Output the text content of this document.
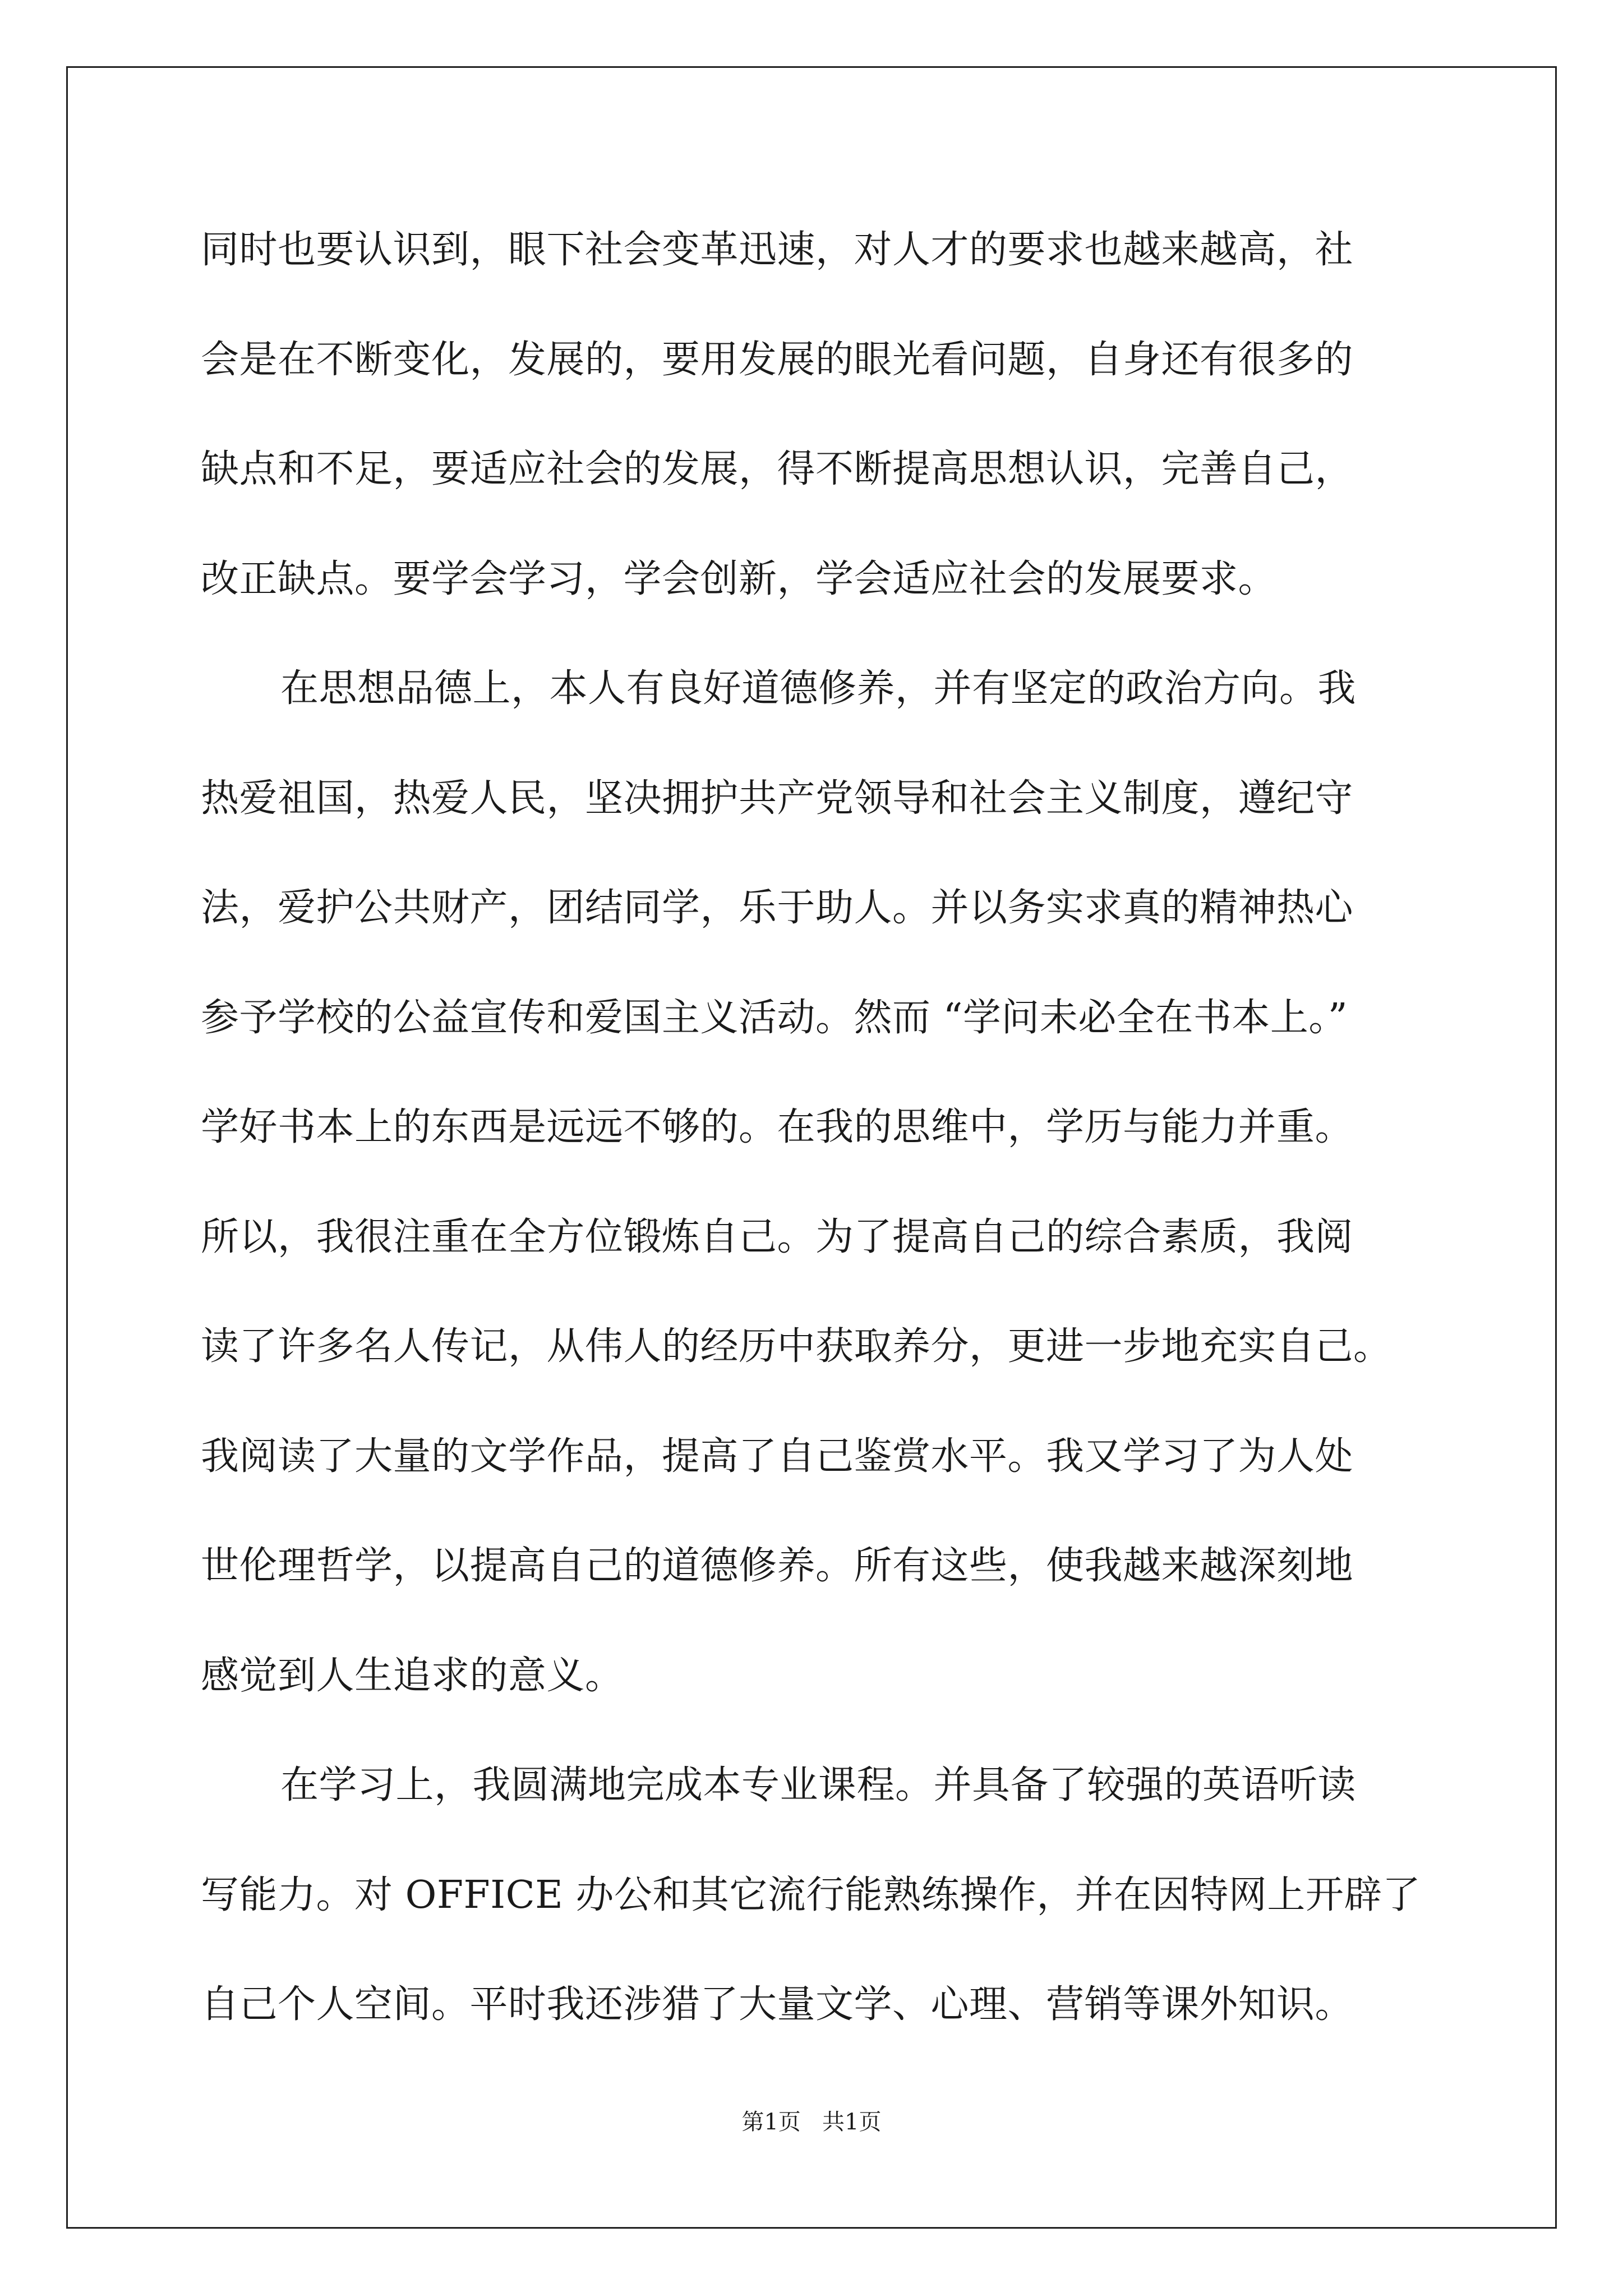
同时也要认识到，眼下社会变革迅速，对人才的要求也越来越高，社
会是在不断变化，发展的，要用发展的眼光看问题，自身还有很多的
缺点和不足，要适应社会的发展，得不断提高思想认识，完善自己，
改正缺点。要学会学习，学会创新，学会适应社会的发展要求。
在思想品德上，本人有良好道德修养，并有坚定的政治方向。我
热爱祖国，热爱人民，坚决拥护共产党领导和社会主义制度，遵纪守
法，爱护公共财产，团结同学，乐于助人。并以务实求真的精神热心
参予学校的公益宣传和爱国主义活动。然而 “学问未必全在书本上。”
学好书本上的东西是远远不够的。在我的思维中，学历与能力并重。
所以，我很注重在全方位锻炼自己。为了提高自己的综合素质，我阅
读了许多名人传记，从伟人的经历中获取养分，更进一步地充实自己。
我阅读了大量的文学作品，提高了自己鉴赏水平。我又学习了为人处
世伦理哲学，以提高自己的道德修养。所有这些，使我越来越深刻地
感觉到人生追求的意义。
在学习上，我圆满地完成本专业课程。并具备了较强的英语听读
写能力。对 OFFICE 办公和其它流行能熟练操作，并在因特网上开辟了
自己个人空间。平时我还涉猎了大量文学、心理、营销等课外知识。
第1页   共1页
